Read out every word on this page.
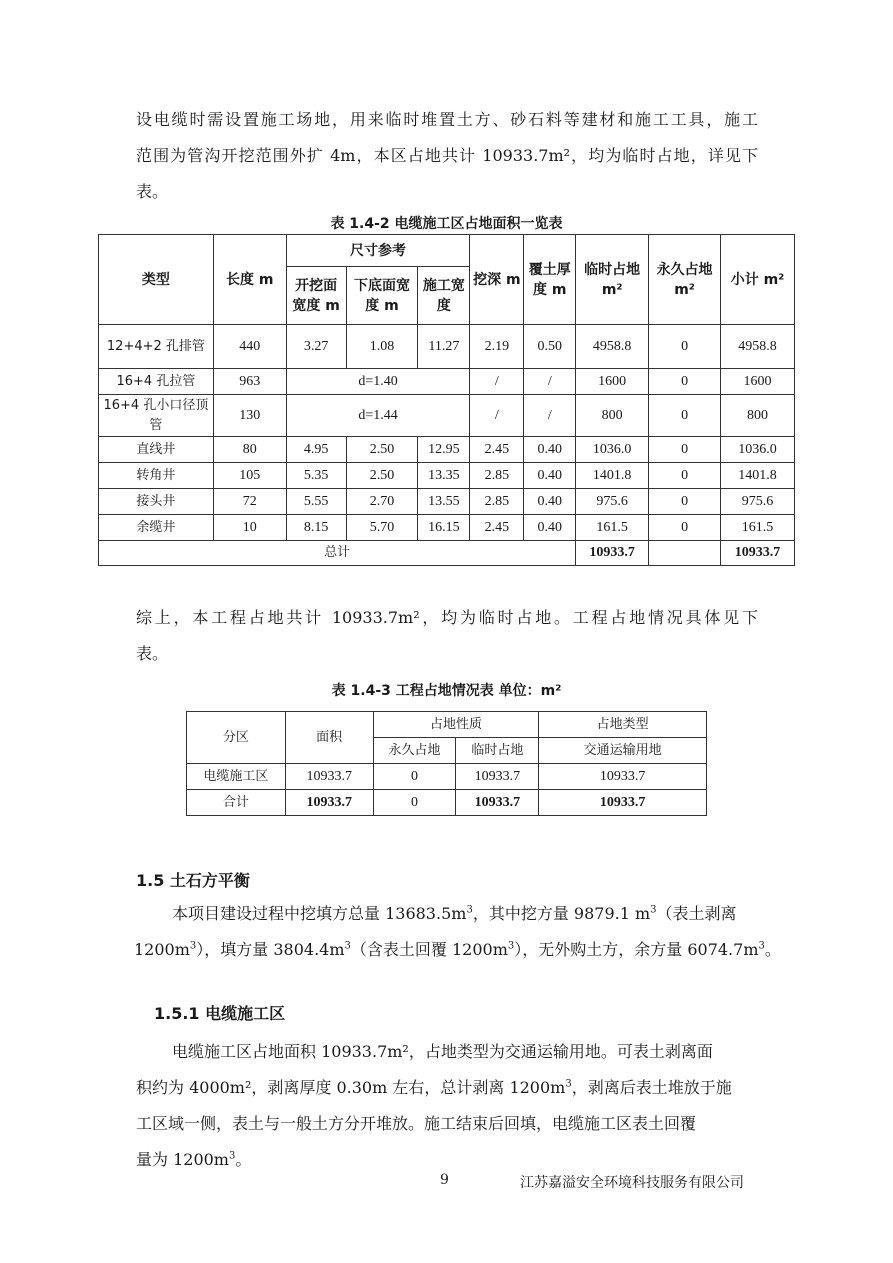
设电缆时需设置施工场地，用来临时堆置土方、砂石料等建材和施工工具，施工
范围为管沟开挖范围外扩 4m，本区占地共计 10933.7m²，均为临时占地，详见下
表。
表 1.4-2 电缆施工区占地面积一览表
类型	长度 m	尺寸参考			挖深 m	覆土厚度 m	临时占地 m²	永久占地 m²	小计 m²
		开挖面宽度 m	下底面宽度 m	施工宽度					
12+4+2 孔排管	440	3.27	1.08	11.27	2.19	0.50	4958.8	0	4958.8
16+4 孔拉管	963	d=1.40			/	/	1600	0	1600
16+4 孔小口径顶管	130	d=1.44			/	/	800	0	800
直线井	80	4.95	2.50	12.95	2.45	0.40	1036.0	0	1036.0
转角井	105	5.35	2.50	13.35	2.85	0.40	1401.8	0	1401.8
接头井	72	5.55	2.70	13.55	2.85	0.40	975.6	0	975.6
余缆井	10	8.15	5.70	16.15	2.45	0.40	161.5	0	161.5
总计							10933.7		10933.7
综上，本工程占地共计 10933.7m²，均为临时占地。工程占地情况具体见下
表。
表 1.4-3 工程占地情况表 单位：m²
分区	面积	占地性质		占地类型
		永久占地	临时占地	交通运输用地
电缆施工区	10933.7	0	10933.7	10933.7
合计	10933.7	0	10933.7	10933.7
1.5 土石方平衡
本项目建设过程中挖填方总量 $13683.5m^3$，其中挖方量 9879.1 $m^3$（表土剥离
$1200m^3$），填方量 $3804.4m^3$（含表土回覆 $1200m^3$），无外购土方，余方量 $6074.7m^3$。
1.5.1 电缆施工区
电缆施工区占地面积 10933.7m²，占地类型为交通运输用地。可表土剥离面
积约为 4000m²，剥离厚度 0.30m 左右，总计剥离 $1200m^3$，剥离后表土堆放于施
工区域一侧，表土与一般土方分开堆放。施工结束后回填，电缆施工区表土回覆
量为 $1200m^3$。
9	江苏嘉溢安全环境科技服务有限公司
